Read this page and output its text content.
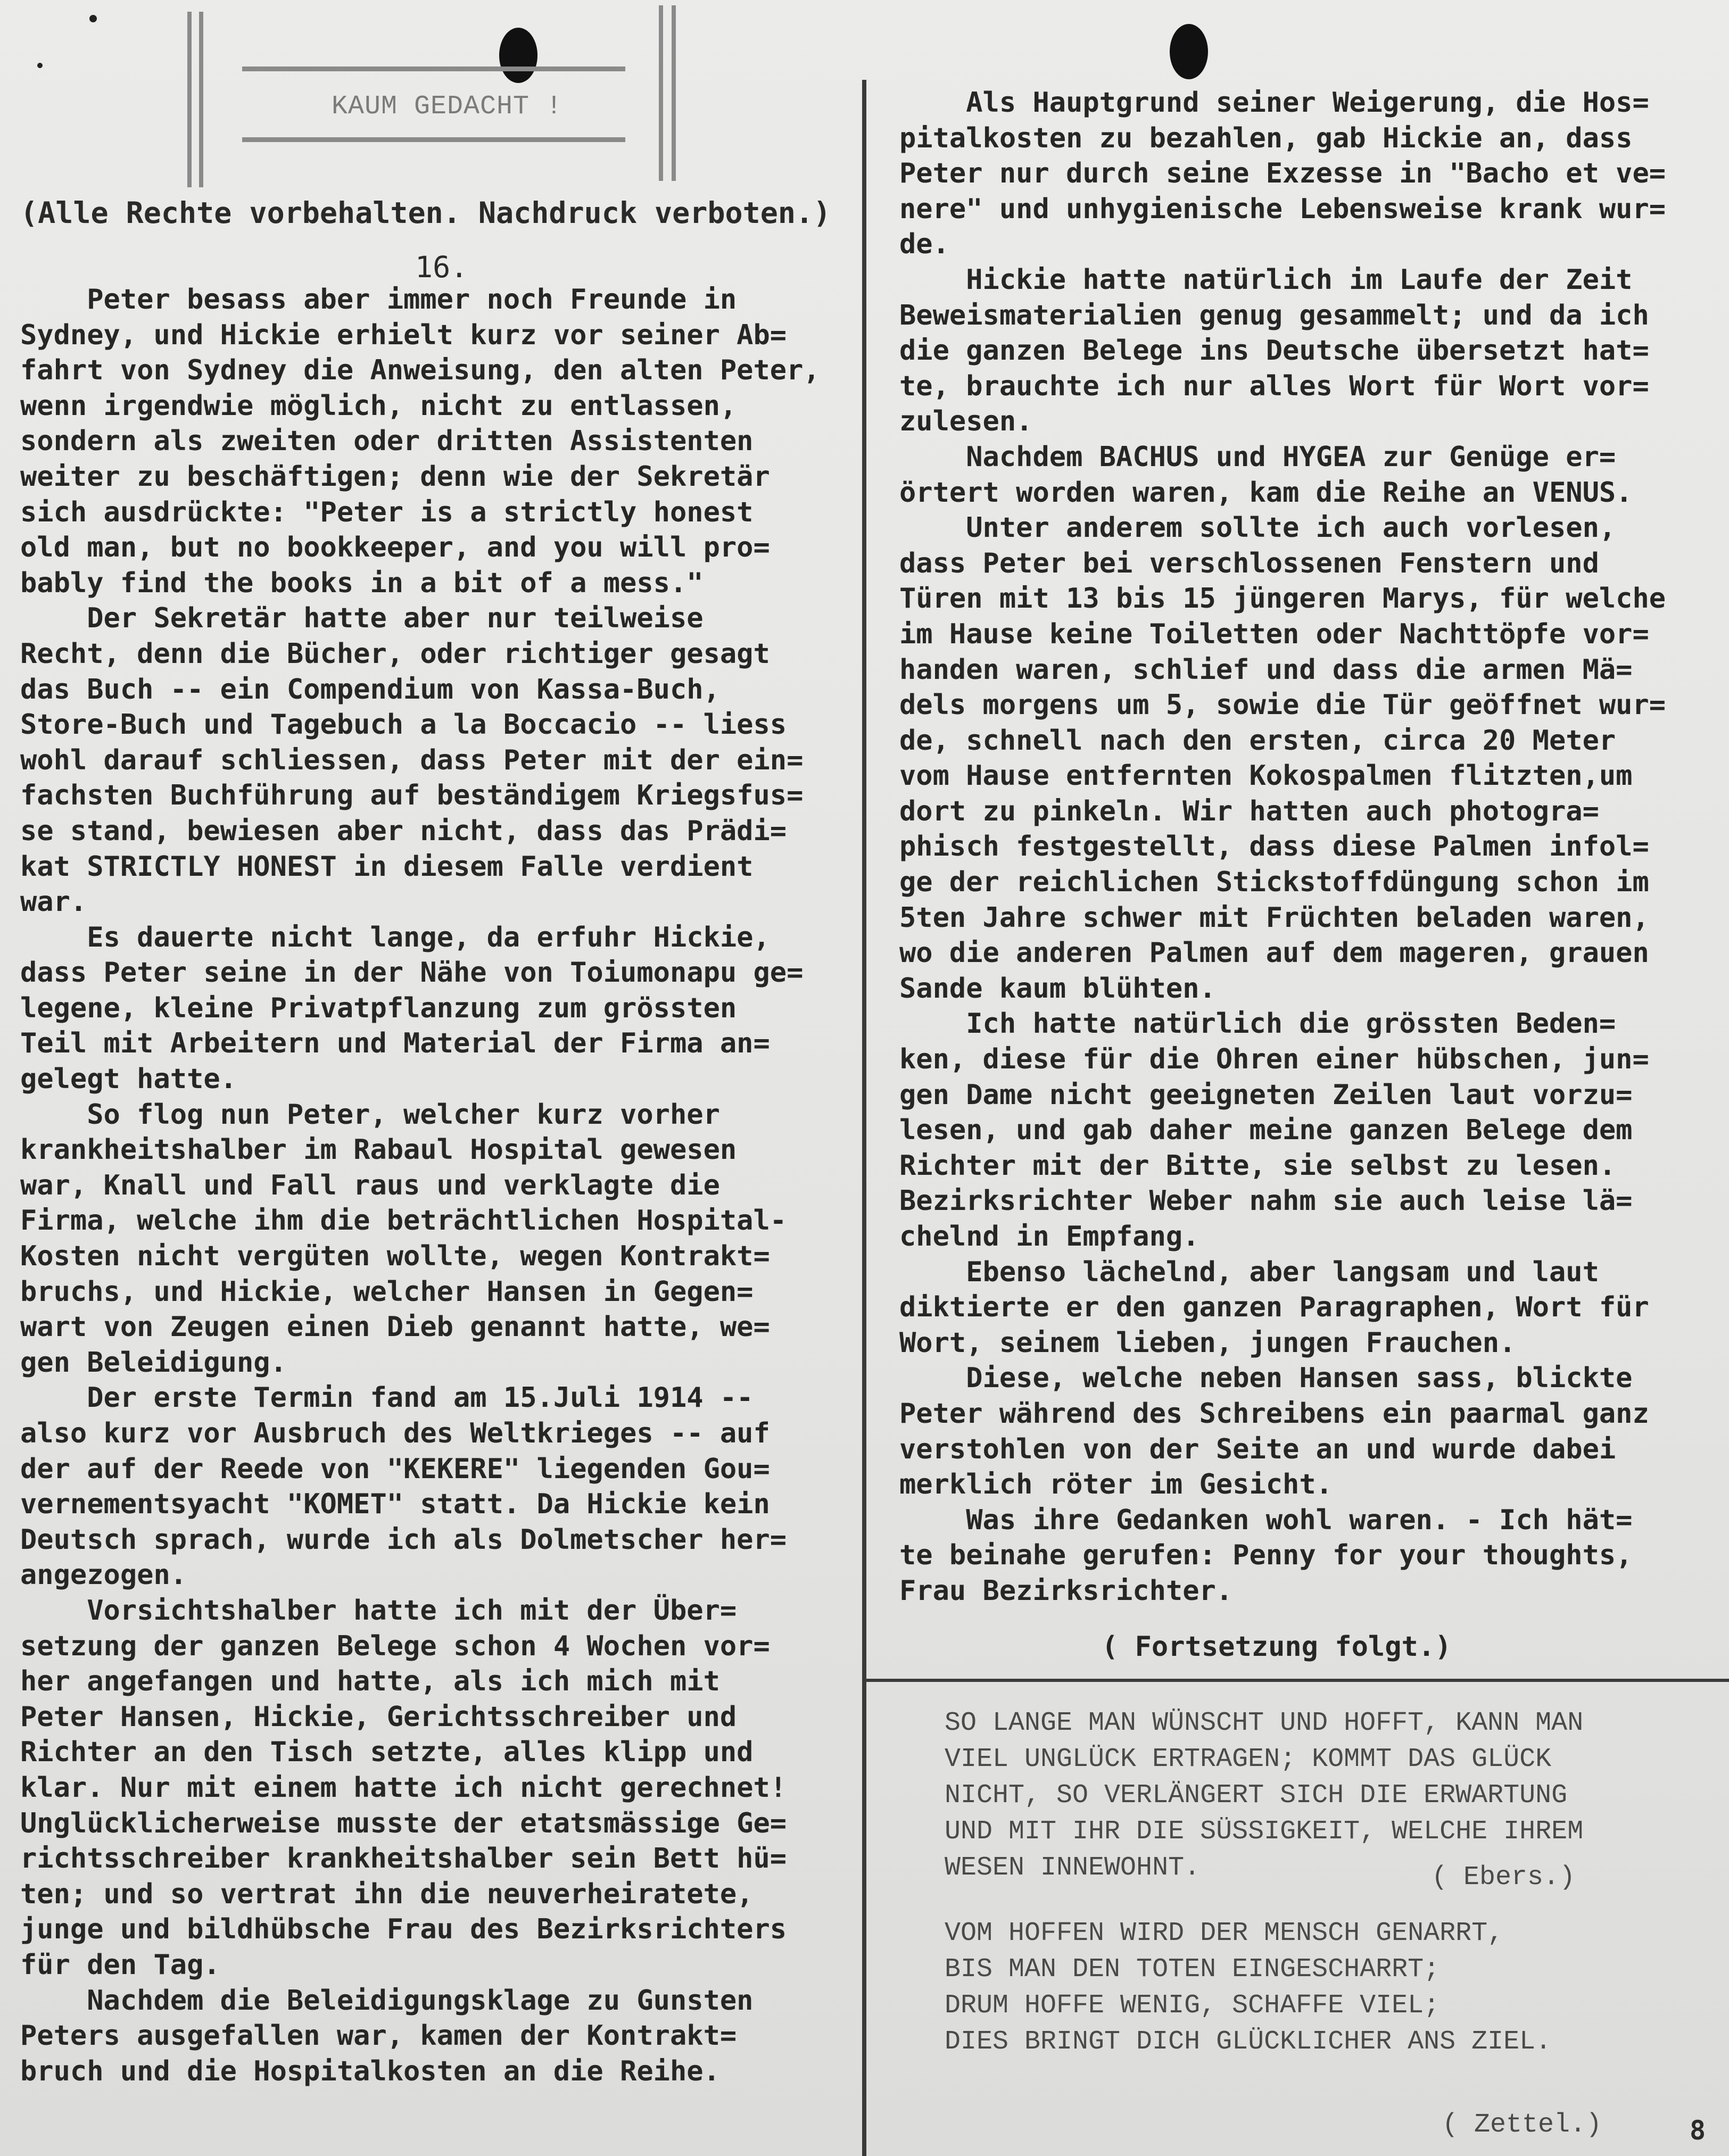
KAUM GEDACHT !
(Alle Rechte vorbehalten. Nachdruck verboten.)
16.
Peter besass aber immer noch Freunde in
Sydney, und Hickie erhielt kurz vor seiner Ab=
fahrt von Sydney die Anweisung, den alten Peter,
wenn irgendwie möglich, nicht zu entlassen,
sondern als zweiten oder dritten Assistenten
weiter zu beschäftigen; denn wie der Sekretär
sich ausdrückte: "Peter is a strictly honest
old man, but no bookkeeper, and you will pro=
bably find the books in a bit of a mess."
Der Sekretär hatte aber nur teilweise
Recht, denn die Bücher, oder richtiger gesagt
das Buch -- ein Compendium von Kassa-Buch,
Store-Buch und Tagebuch a la Boccacio -- liess
wohl darauf schliessen, dass Peter mit der ein=
fachsten Buchführung auf beständigem Kriegsfus=
se stand, bewiesen aber nicht, dass das Prädi=
kat STRICTLY HONEST in diesem Falle verdient
war.
Es dauerte nicht lange, da erfuhr Hickie,
dass Peter seine in der Nähe von Toiumonapu ge=
legene, kleine Privatpflanzung zum grössten
Teil mit Arbeitern und Material der Firma an=
gelegt hatte.
So flog nun Peter, welcher kurz vorher
krankheitshalber im Rabaul Hospital gewesen
war, Knall und Fall raus und verklagte die
Firma, welche ihm die beträchtlichen Hospital-
Kosten nicht vergüten wollte, wegen Kontrakt=
bruchs, und Hickie, welcher Hansen in Gegen=
wart von Zeugen einen Dieb genannt hatte, we=
gen Beleidigung.
Der erste Termin fand am 15.Juli 1914 --
also kurz vor Ausbruch des Weltkrieges -- auf
der auf der Reede von "KEKERE" liegenden Gou=
vernementsyacht "KOMET" statt. Da Hickie kein
Deutsch sprach, wurde ich als Dolmetscher her=
angezogen.
Vorsichtshalber hatte ich mit der Über=
setzung der ganzen Belege schon 4 Wochen vor=
her angefangen und hatte, als ich mich mit
Peter Hansen, Hickie, Gerichtsschreiber und
Richter an den Tisch setzte, alles klipp und
klar. Nur mit einem hatte ich nicht gerechnet!
Unglücklicherweise musste der etatsmässige Ge=
richtsschreiber krankheitshalber sein Bett hü=
ten; und so vertrat ihn die neuverheiratete,
junge und bildhübsche Frau des Bezirksrichters
für den Tag.
Nachdem die Beleidigungsklage zu Gunsten
Peters ausgefallen war, kamen der Kontrakt=
bruch und die Hospitalkosten an die Reihe.
Als Hauptgrund seiner Weigerung, die Hos=
pitalkosten zu bezahlen, gab Hickie an, dass
Peter nur durch seine Exzesse in "Bacho et ve=
nere" und unhygienische Lebensweise krank wur=
de.
Hickie hatte natürlich im Laufe der Zeit
Beweismaterialien genug gesammelt; und da ich
die ganzen Belege ins Deutsche übersetzt hat=
te, brauchte ich nur alles Wort für Wort vor=
zulesen.
Nachdem BACHUS und HYGEA zur Genüge er=
örtert worden waren, kam die Reihe an VENUS.
Unter anderem sollte ich auch vorlesen,
dass Peter bei verschlossenen Fenstern und
Türen mit 13 bis 15 jüngeren Marys, für welche
im Hause keine Toiletten oder Nachttöpfe vor=
handen waren, schlief und dass die armen Mä=
dels morgens um 5, sowie die Tür geöffnet wur=
de, schnell nach den ersten, circa 20 Meter
vom Hause entfernten Kokospalmen flitzten,um
dort zu pinkeln. Wir hatten auch photogra=
phisch festgestellt, dass diese Palmen infol=
ge der reichlichen Stickstoffdüngung schon im
5ten Jahre schwer mit Früchten beladen waren,
wo die anderen Palmen auf dem mageren, grauen
Sande kaum blühten.
Ich hatte natürlich die grössten Beden=
ken, diese für die Ohren einer hübschen, jun=
gen Dame nicht geeigneten Zeilen laut vorzu=
lesen, und gab daher meine ganzen Belege dem
Richter mit der Bitte, sie selbst zu lesen.
Bezirksrichter Weber nahm sie auch leise lä=
chelnd in Empfang.
Ebenso lächelnd, aber langsam und laut
diktierte er den ganzen Paragraphen, Wort für
Wort, seinem lieben, jungen Frauchen.
Diese, welche neben Hansen sass, blickte
Peter während des Schreibens ein paarmal ganz
verstohlen von der Seite an und wurde dabei
merklich röter im Gesicht.
Was ihre Gedanken wohl waren. - Ich hät=
te beinahe gerufen: Penny for your thoughts,
Frau Bezirksrichter.
( Fortsetzung folgt.)
SO LANGE MAN WÜNSCHT UND HOFFT, KANN MAN
VIEL UNGLÜCK ERTRAGEN; KOMMT DAS GLÜCK
NICHT, SO VERLÄNGERT SICH DIE ERWARTUNG
UND MIT IHR DIE SÜSSIGKEIT, WELCHE IHREM
WESEN INNEWOHNT.	( Ebers.)
VOM HOFFEN WIRD DER MENSCH GENARRT,
BIS MAN DEN TOTEN EINGESCHARRT;
DRUM HOFFE WENIG, SCHAFFE VIEL;
DIES BRINGT DICH GLÜCKLICHER ANS ZIEL.
( Zettel.)	8
